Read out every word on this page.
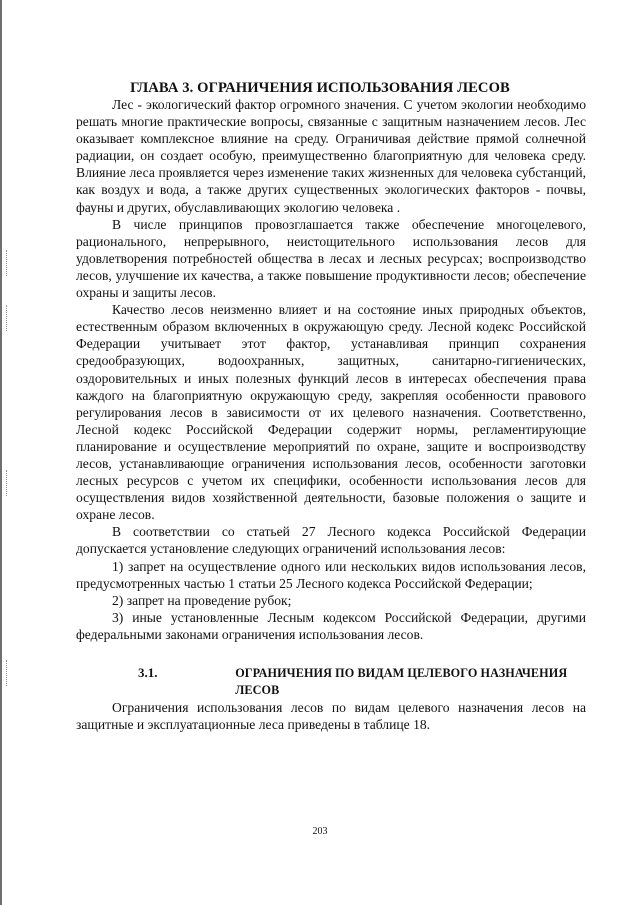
ГЛАВА 3. ОГРАНИЧЕНИЯ ИСПОЛЬЗОВАНИЯ ЛЕСОВ

Лес - экологический фактор огромного значения. С учетом экологии необходимо решать многие практические вопросы, связанные с защитным назначением лесов. Лес оказывает комплексное влияние на среду. Ограничивая действие прямой солнечной радиации, он создает особую, преимущественно благоприятную для человека среду. Влияние леса проявляется через изменение таких жизненных для человека субстанций, как воздух и вода, а также других существенных экологических факторов - почвы, фауны и других, обуславливающих экологию человека .

В числе принципов провозглашается также обеспечение многоцелевого, рационального, непрерывного, неистощительного использования лесов для удовлетворения потребностей общества в лесах и лесных ресурсах; воспроизводство лесов, улучшение их качества, а также повышение продуктивности лесов; обеспечение охраны и защиты лесов.

Качество лесов неизменно влияет и на состояние иных природных объектов, естественным образом включенных в окружающую среду. Лесной кодекс Российской Федерации учитывает этот фактор, устанавливая принцип сохранения средообразующих, водоохранных, защитных, санитарно-гигиенических, оздоровительных и иных полезных функций лесов в интересах обеспечения права каждого на благоприятную окружающую среду, закрепляя особенности правового регулирования лесов в зависимости от их целевого назначения. Соответственно, Лесной кодекс Российской Федерации содержит нормы, регламентирующие планирование и осуществление мероприятий по охране, защите и воспроизводству лесов, устанавливающие ограничения использования лесов, особенности заготовки лесных ресурсов с учетом их специфики, особенности использования лесов для осуществления видов хозяйственной деятельности, базовые положения о защите и охране лесов.

В соответствии со статьей 27 Лесного кодекса Российской Федерации допускается установление следующих ограничений использования лесов:

1) запрет на осуществление одного или нескольких видов использования лесов, предусмотренных частью 1 статьи 25 Лесного кодекса Российской Федерации;

2) запрет на проведение рубок;

3) иные установленные Лесным кодексом Российской Федерации, другими федеральными законами ограничения использования лесов.

3.1.	ОГРАНИЧЕНИЯ ПО ВИДАМ ЦЕЛЕВОГО НАЗНАЧЕНИЯ ЛЕСОВ

Ограничения использования лесов по видам целевого назначения лесов на защитные и эксплуатационные леса приведены в таблице 18.

203
